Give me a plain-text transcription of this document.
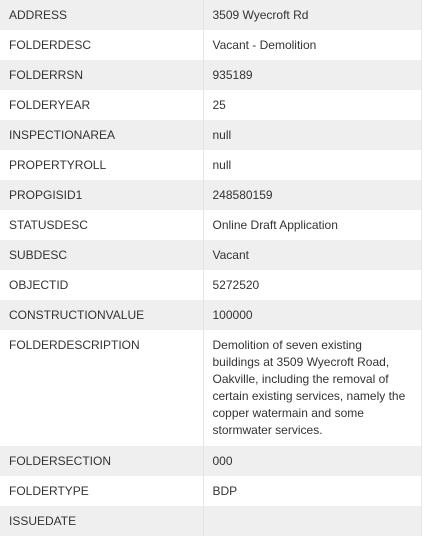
ADDRESS	3509 Wyecroft Rd
FOLDERDESC	Vacant - Demolition
FOLDERRSN	935189
FOLDERYEAR	25
INSPECTIONAREA	null
PROPERTYROLL	null
PROPGISID1	248580159
STATUSDESC	Online Draft Application
SUBDESC	Vacant
OBJECTID	5272520
CONSTRUCTIONVALUE	100000
FOLDERDESCRIPTION	Demolition of seven existing buildings at 3509 Wyecroft Road, Oakville, including the removal of certain existing services, namely the copper watermain and some stormwater services.
FOLDERSECTION	000
FOLDERTYPE	BDP
ISSUEDATE	
